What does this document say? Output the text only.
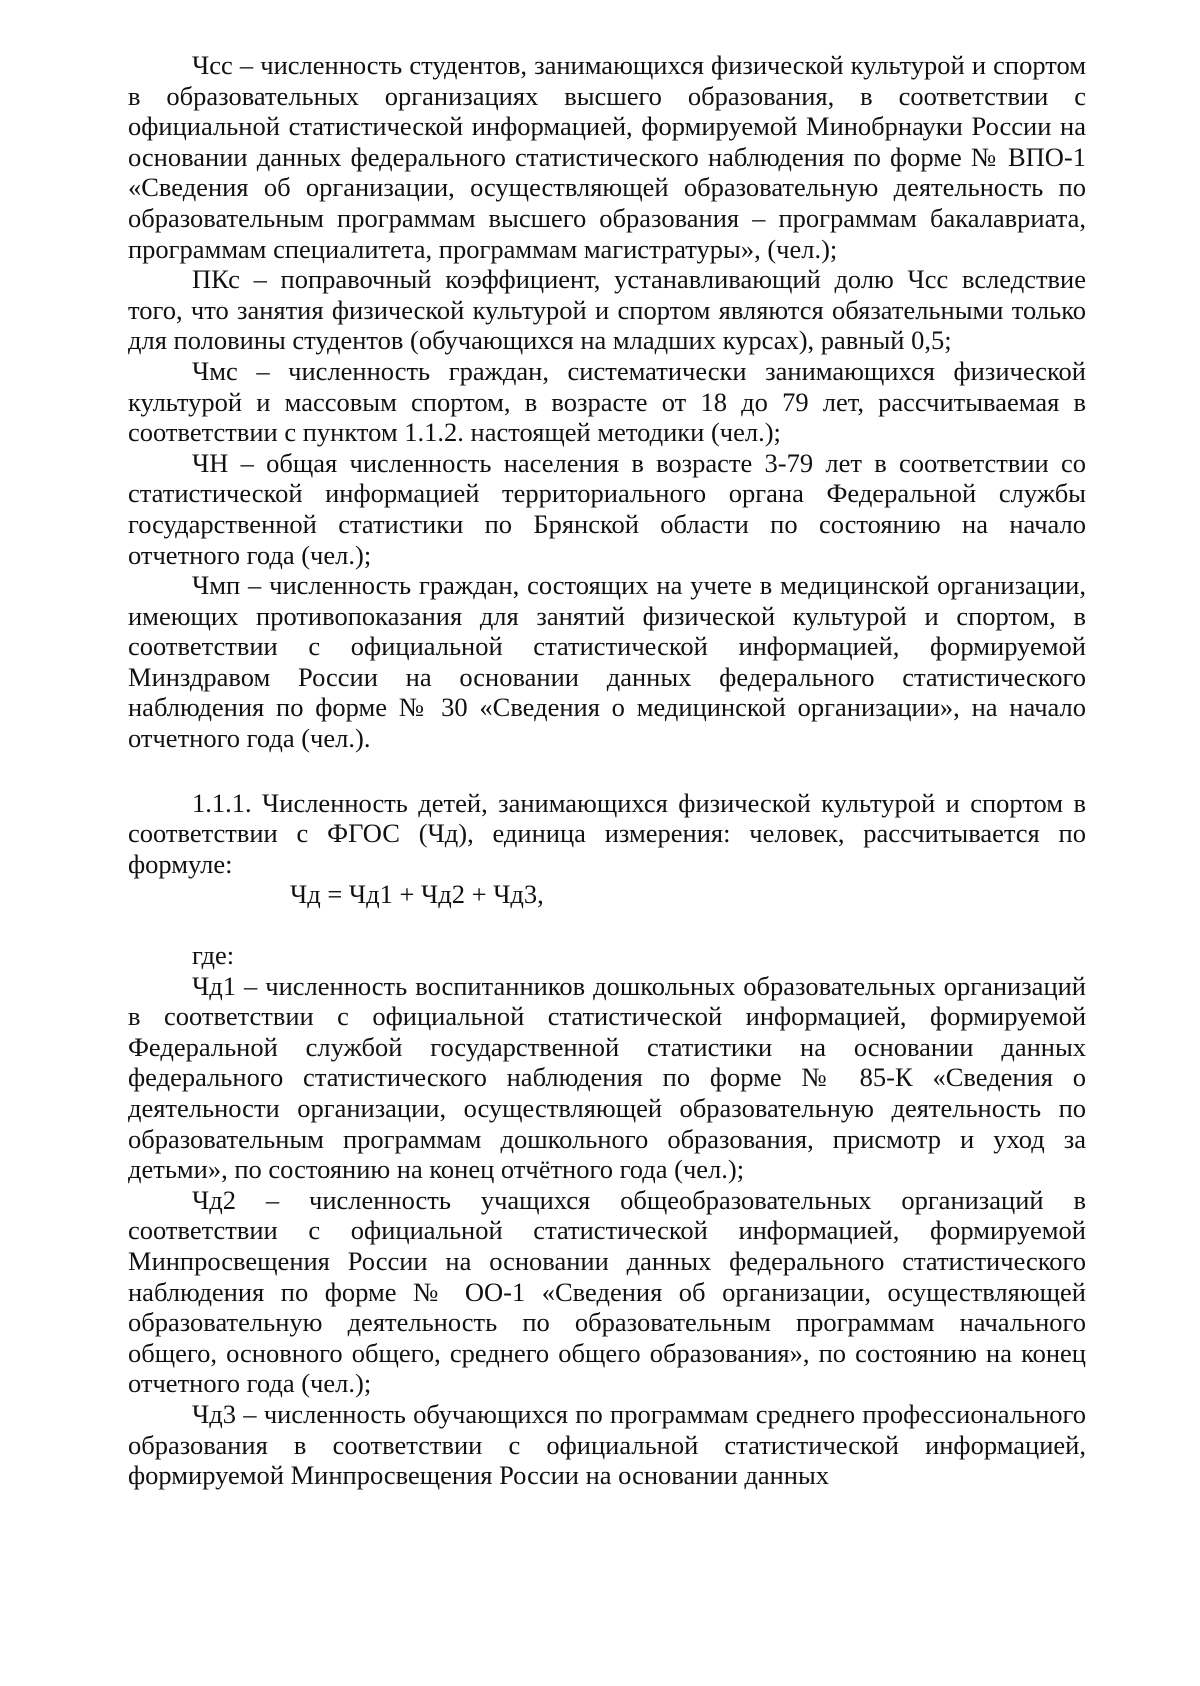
Чсс – численность студентов, занимающихся физической культурой и спортом в образовательных организациях высшего образования, в соответствии с официальной статистической информацией, формируемой Минобрнауки России на основании данных федерального статистического наблюдения по форме № ВПО-1 «Сведения об организации, осуществляющей образовательную деятельность по образовательным программам высшего образования – программам бакалавриата, программам специалитета, программам магистратуры», (чел.);

ПКс – поправочный коэффициент, устанавливающий долю Чсс вследствие того, что занятия физической культурой и спортом являются обязательными только для половины студентов (обучающихся на младших курсах), равный 0,5;

Чмс – численность граждан, систематически занимающихся физической культурой и массовым спортом, в возрасте от 18 до 79 лет, рассчитываемая в соответствии с пунктом 1.1.2. настоящей методики (чел.);

ЧН – общая численность населения в возрасте 3-79 лет в соответствии со статистической информацией территориального органа Федеральной службы государственной статистики по Брянской области по состоянию на начало отчетного года (чел.);

Чмп – численность граждан, состоящих на учете в медицинской организации, имеющих противопоказания для занятий физической культурой и спортом, в соответствии с официальной статистической информацией, формируемой Минздравом России на основании данных федерального статистического наблюдения по форме № 30 «Сведения о медицинской организации», на начало отчетного года (чел.).

1.1.1. Численность детей, занимающихся физической культурой и спортом в соответствии с ФГОС (Чд), единица измерения: человек, рассчитывается по формуле:

Чд = Чд1 + Чд2 + Чд3,

где:

Чд1 – численность воспитанников дошкольных образовательных организаций в соответствии с официальной статистической информацией, формируемой Федеральной службой государственной статистики на основании данных федерального статистического наблюдения по форме № 85-К «Сведения о деятельности организации, осуществляющей образовательную деятельность по образовательным программам дошкольного образования, присмотр и уход за детьми», по состоянию на конец отчётного года (чел.);

Чд2 – численность учащихся общеобразовательных организаций в соответствии с официальной статистической информацией, формируемой Минпросвещения России на основании данных федерального статистического наблюдения по форме № ОО-1 «Сведения об организации, осуществляющей образовательную деятельность по образовательным программам начального общего, основного общего, среднего общего образования», по состоянию на конец отчетного года (чел.);

Чд3 – численность обучающихся по программам среднего профессионального образования в соответствии с официальной статистической информацией, формируемой Минпросвещения России на основании данных
